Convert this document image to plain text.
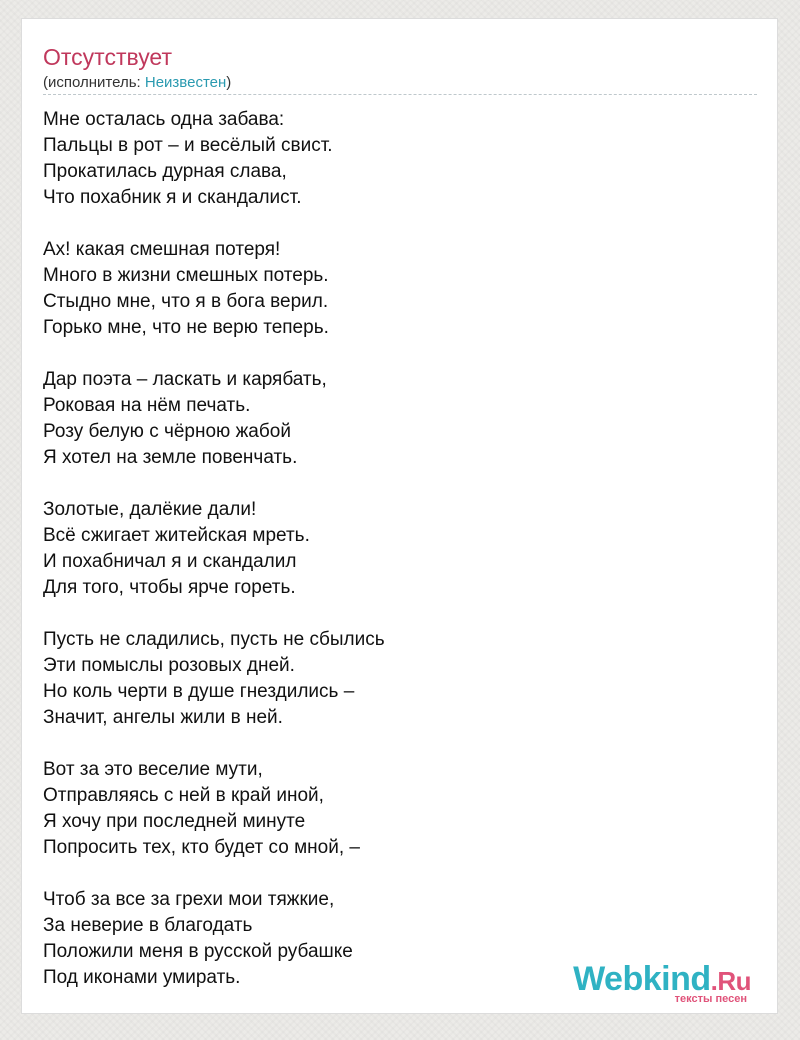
Отсутствует
(исполнитель: Неизвестен)
Мне осталась одна забава:
Пальцы в рот – и весёлый свист.
Прокатилась дурная слава,
Что похабник я и скандалист.
Ах! какая смешная потеря!
Много в жизни смешных потерь.
Стыдно мне, что я в бога верил.
Горько мне, что не верю теперь.
Дар поэта – ласкать и карябать,
Роковая на нём печать.
Розу белую с чёрною жабой
Я хотел на земле повенчать.
Золотые, далёкие дали!
Всё сжигает житейская мреть.
И похабничал я и скандалил
Для того, чтобы ярче гореть.
Пусть не сладились, пусть не сбылись
Эти помыслы розовых дней.
Но коль черти в душе гнездились –
Значит, ангелы жили в ней.
Вот за это веселие мути,
Отправляясь с ней в край иной,
Я хочу при последней минуте
Попросить тех, кто будет со мной, –
Чтоб за все за грехи мои тяжкие,
За неверие в благодать
Положили меня в русской рубашке
Под иконами умирать.	Webkind.Ru
тексты песен
